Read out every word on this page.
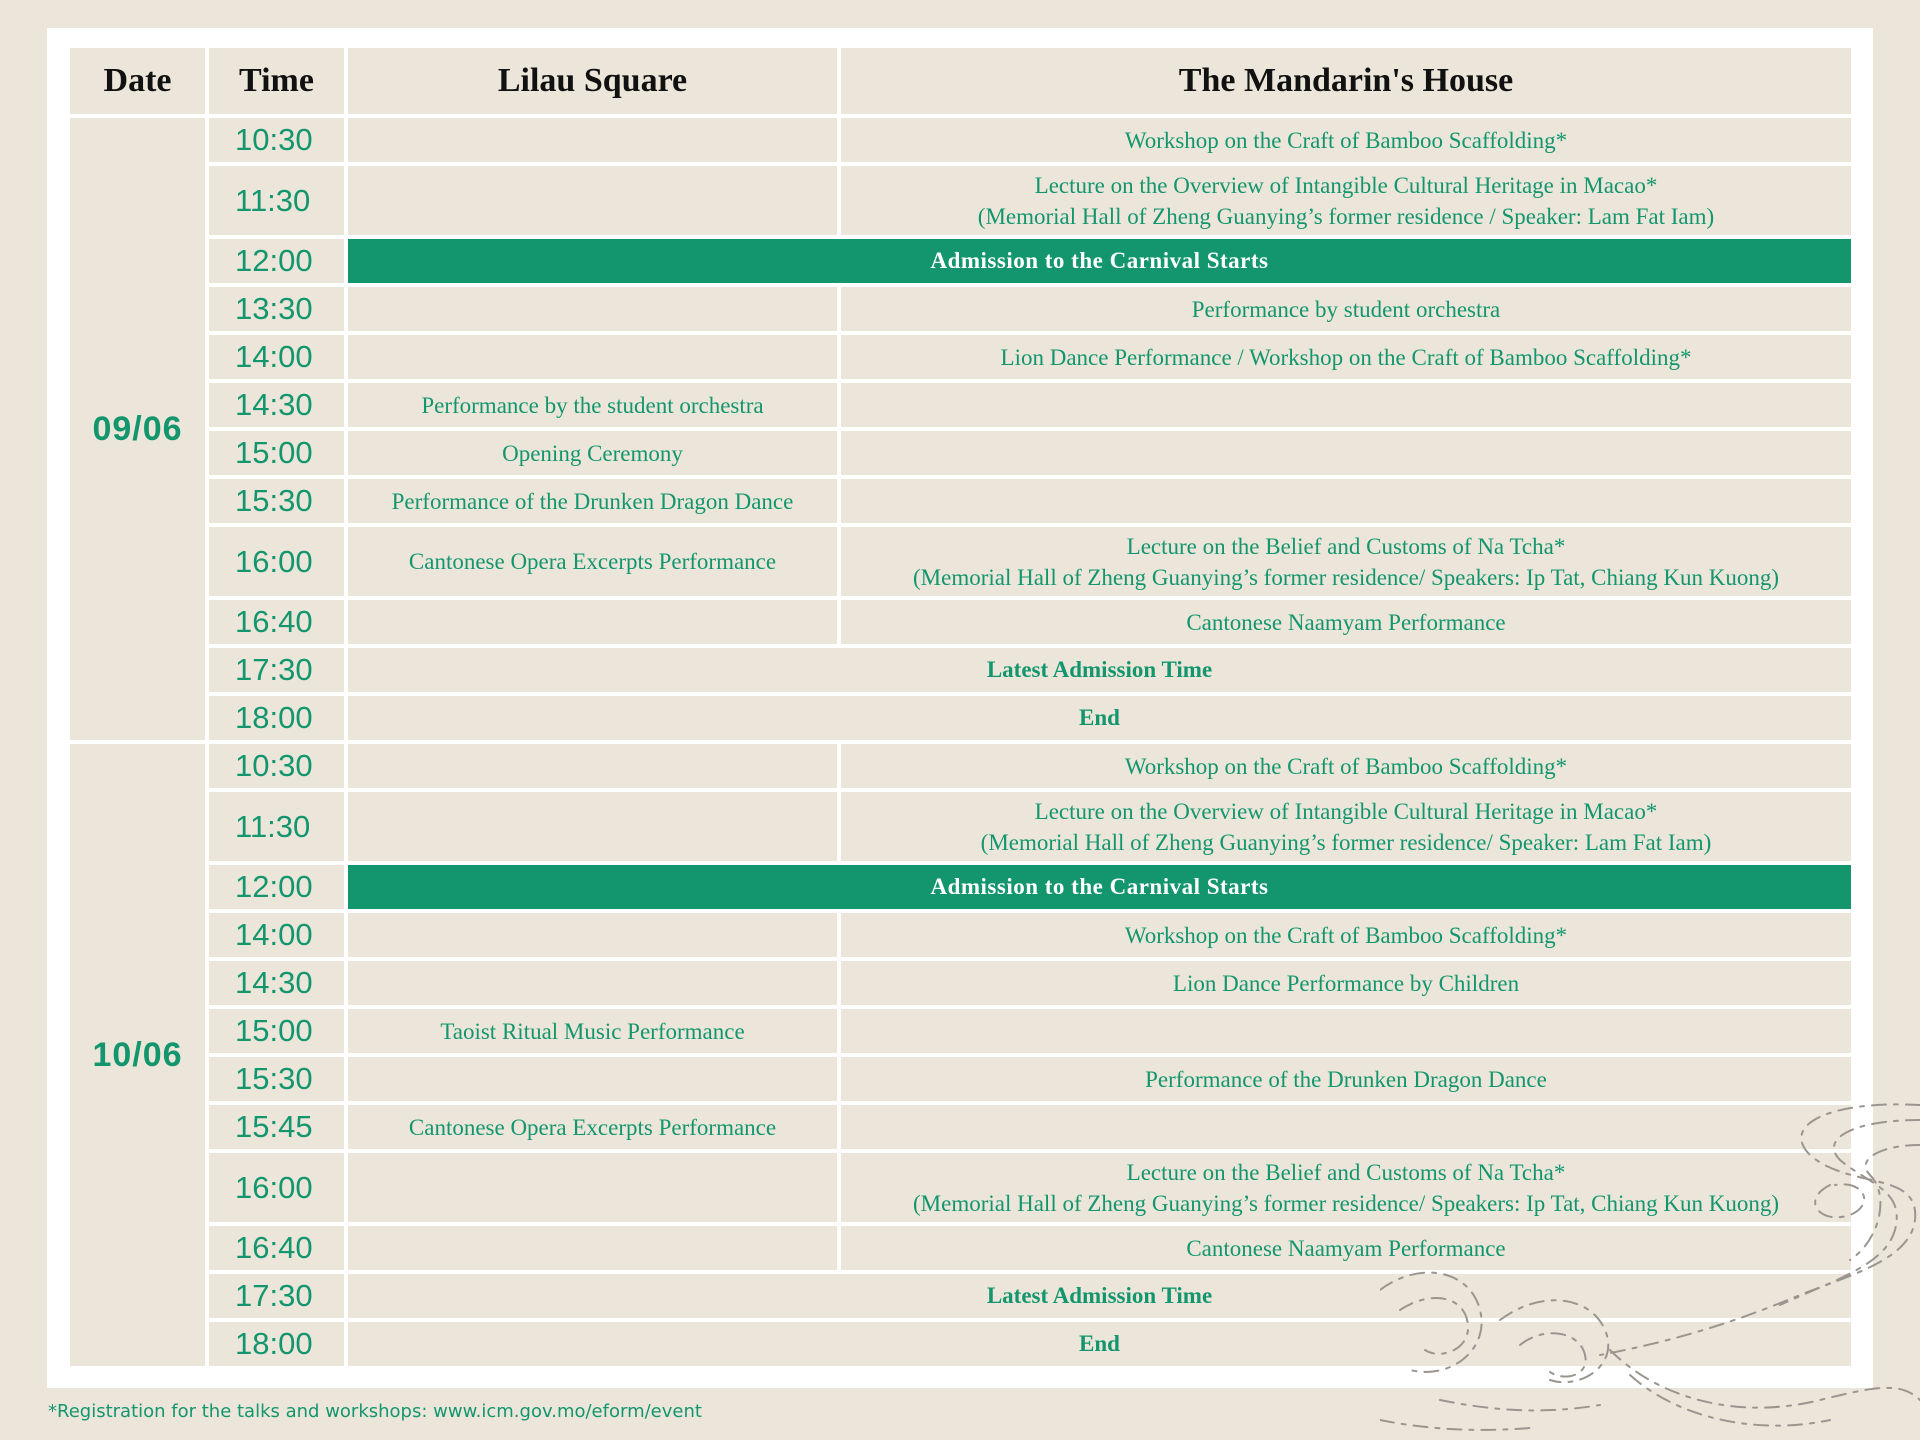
Date	Time	Lilau Square	The Mandarin's House
09/06	10:30		Workshop on the Craft of Bamboo Scaffolding*

	11:30		Lecture on the Overview of Intangible Cultural Heritage in Macao*
(Memorial Hall of Zheng Guanying’s former residence / Speaker: Lam Fat Iam)

	12:00	Admission to the Carnival Starts	
	13:30		Performance by student orchestra

	14:00		Lion Dance Performance / Workshop on the Craft of Bamboo Scaffolding*

	14:30	Performance by the student orchestra	

	15:00	Opening Ceremony	

	15:30	Performance of the Drunken Dragon Dance	

	16:00	Cantonese Opera Excerpts Performance	Lecture on the Belief and Customs of Na Tcha*
(Memorial Hall of Zheng Guanying’s former residence/ Speakers: Ip Tat, Chiang Kun Kuong)

	16:40		Cantonese Naamyam Performance

	17:30	Latest Admission Time	
	18:00	End	
10/06	10:30		Workshop on the Craft of Bamboo Scaffolding*

	11:30		Lecture on the Overview of Intangible Cultural Heritage in Macao*
(Memorial Hall of Zheng Guanying’s former residence/ Speaker: Lam Fat Iam)

	12:00	Admission to the Carnival Starts	
	14:00		Workshop on the Craft of Bamboo Scaffolding*

	14:30		Lion Dance Performance by Children

	15:00	Taoist Ritual Music Performance	

	15:30		Performance of the Drunken Dragon Dance

	15:45	Cantonese Opera Excerpts Performance	

	16:00		Lecture on the Belief and Customs of Na Tcha*
(Memorial Hall of Zheng Guanying’s former residence/ Speakers: Ip Tat, Chiang Kun Kuong)

	16:40		Cantonese Naamyam Performance

	17:30	Latest Admission Time	
	18:00	End	
*Registration for the talks and workshops: www.icm.gov.mo/eform/event
